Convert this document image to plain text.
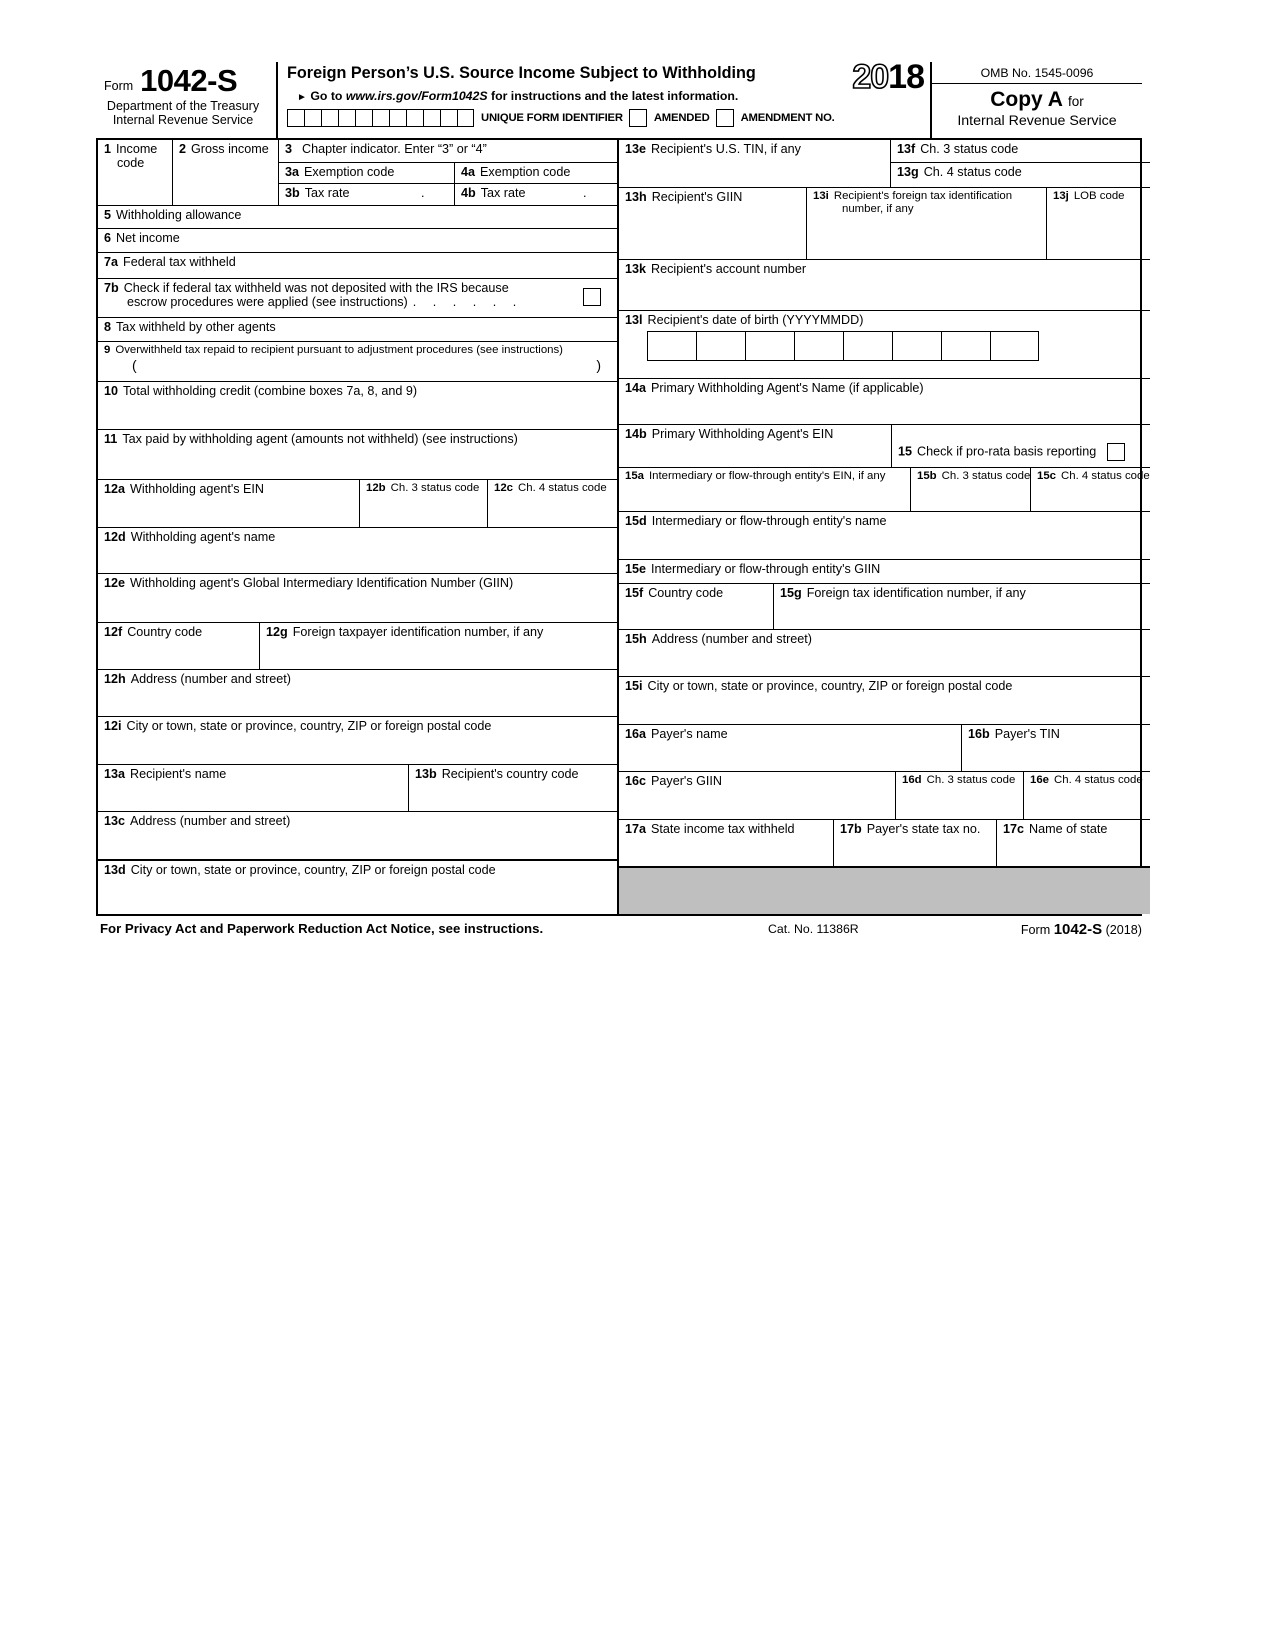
Form 1042-S
Department of the Treasury
Internal Revenue Service
Foreign Person’s U.S. Source Income Subject to Withholding
► Go to www.irs.gov/Form1042S for instructions and the latest information.
UNIQUE FORM IDENTIFIER	AMENDED	AMENDMENT NO.
2018	OMB No. 1545-0096
Copy A for
Internal Revenue Service
1 Income
code
2 Gross income	3 Chapter indicator. Enter “3” or “4”
3a Exemption code	4a Exemption code
3b Tax rate	.	4b Tax rate	.
5 Withholding allowance
6 Net income
7a Federal tax withheld
7b Check if federal tax withheld was not deposited with the IRS because
escrow procedures were applied (see instructions) . . . . . .
8 Tax withheld by other agents
9 Overwithheld tax repaid to recipient pursuant to adjustment procedures (see instructions)
(	)
10 Total withholding credit (combine boxes 7a, 8, and 9)
11 Tax paid by withholding agent (amounts not withheld) (see instructions)
12a Withholding agent's EIN	12b Ch. 3 status code	12c Ch. 4 status code
12d Withholding agent's name
12e Withholding agent's Global Intermediary Identification Number (GIIN)
12f Country code	12g Foreign taxpayer identification number, if any
12h Address (number and street)
12i City or town, state or province, country, ZIP or foreign postal code
13a Recipient's name	13b Recipient's country code
13c Address (number and street)
13d City or town, state or province, country, ZIP or foreign postal code
13e Recipient's U.S. TIN, if any	13f Ch. 3 status code
13g Ch. 4 status code
13h Recipient's GIIN	13i Recipient's foreign tax identification
number, if any
13j LOB code
13k Recipient's account number
13l Recipient's date of birth (YYYYMMDD)
14a Primary Withholding Agent's Name (if applicable)
14b Primary Withholding Agent's EIN
15 Check if pro-rata basis reporting
15a Intermediary or flow-through entity's EIN, if any	15b Ch. 3 status code 15c Ch. 4 status code
15d Intermediary or flow-through entity's name
15e Intermediary or flow-through entity's GIIN
15f Country code	15g Foreign tax identification number, if any
15h Address (number and street)
15i City or town, state or province, country, ZIP or foreign postal code
16a Payer's name	16b Payer's TIN
16c Payer's GIIN	16d Ch. 3 status code	16e Ch. 4 status code
17a State income tax withheld	17b Payer's state tax no.	17c Name of state
For Privacy Act and Paperwork Reduction Act Notice, see instructions.	Cat. No. 11386R	Form 1042-S (2018)
